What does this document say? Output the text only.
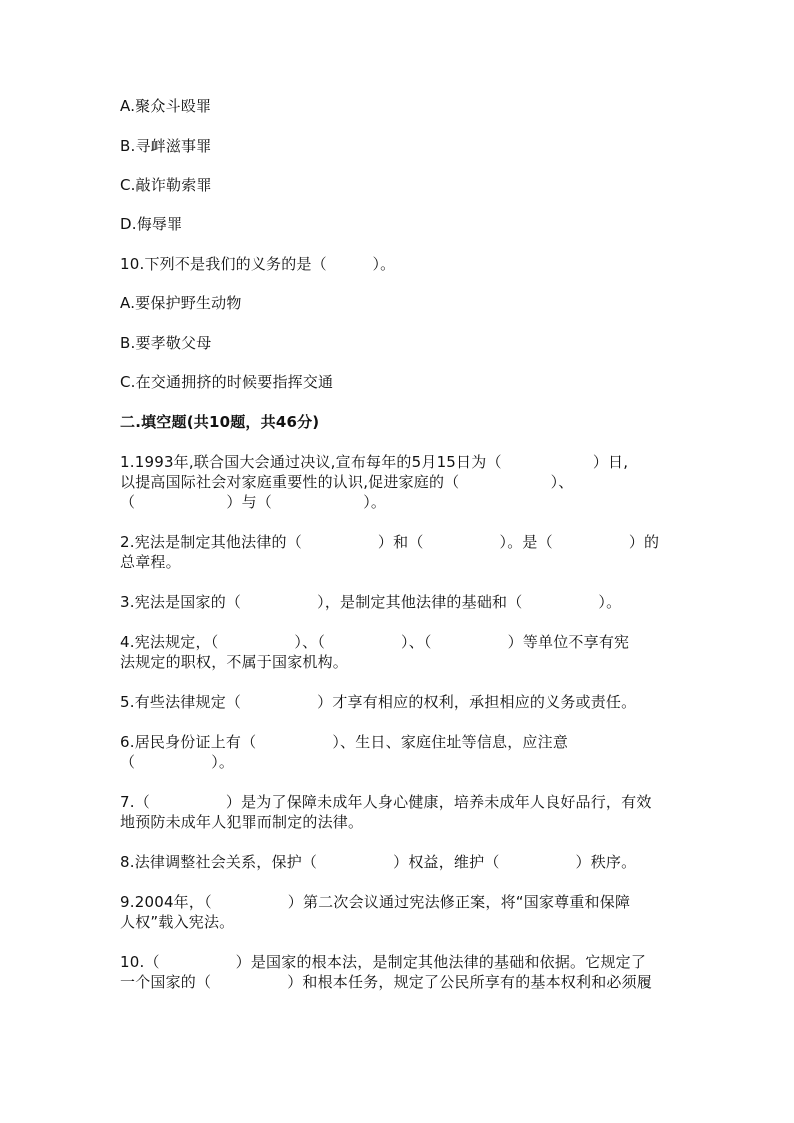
A.聚众斗殴罪
B.寻衅滋事罪
C.敲诈勒索罪
D.侮辱罪
10.下列不是我们的义务的是（　　　）。
A.要保护野生动物
B.要孝敬父母
C.在交通拥挤的时候要指挥交通
二.填空题(共10题，共46分)
1.1993年,联合国大会通过决议,宣布每年的5月15日为（　　　　　　）日,
以提高国际社会对家庭重要性的认识,促进家庭的（　　　　　　）、
（　　　　　　）与（　　　　　　）。
2.宪法是制定其他法律的（　　　　　）和（　　　　　）。是（　　　　　）的
总章程。
3.宪法是国家的（　　　　　），是制定其他法律的基础和（　　　　　）。
4.宪法规定，（　　　　　）、（　　　　　）、（　　　　　）等单位不享有宪
法规定的职权，不属于国家机构。
5.有些法律规定（　　　　　）才享有相应的权利，承担相应的义务或责任。
6.居民身份证上有（　　　　　）、生日、家庭住址等信息，应注意
（　　　　　）。
7.（　　　　　）是为了保障未成年人身心健康，培养未成年人良好品行，有效
地预防未成年人犯罪而制定的法律。
8.法律调整社会关系，保护（　　　　　）权益，维护（　　　　　）秩序。
9.2004年，（　　　　　）第二次会议通过宪法修正案，将“国家尊重和保障
人权”载入宪法。
10.（　　　　　）是国家的根本法，是制定其他法律的基础和依据。它规定了
一个国家的（　　　　　）和根本任务，规定了公民所享有的基本权利和必须履
